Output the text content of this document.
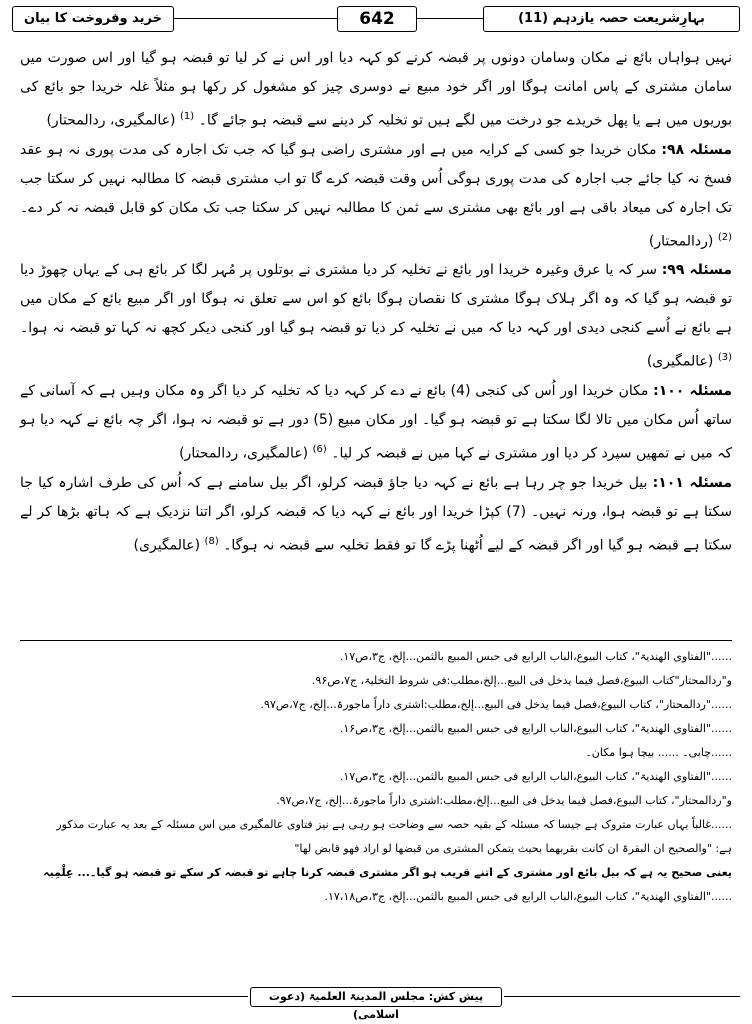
خرید وفروخت کا بیان	642	بہارِشریعت حصہ یازدہم (11)

نہیں ہواہاں بائع نے مکان وسامان دونوں پر قبضہ کرنے کو کہہ دیا اور اس نے کر لیا تو قبضہ ہو گیا اور اس صورت میں سامان مشتری کے پاس امانت ہوگا اور اگر خود مبیع نے دوسری چیز کو مشغول کر رکھا ہو مثلاً غلہ خریدا جو بائع کی بوریوں میں ہے یا پھل خریدے جو درخت میں لگے ہیں تو تخلیہ کر دینے سے قبضہ ہو جائے گا۔ $^{(1)}$ (عالمگیری، ردالمحتار)

مسئلہ ۹۸: مکان خریدا جو کسی کے کرایہ میں ہے اور مشتری راضی ہو گیا کہ جب تک اجارہ کی مدت پوری نہ ہو عقد فسخ نہ کیا جائے جب اجارہ کی مدت پوری ہوگی اُس وقت قبضہ کرے گا تو اب مشتری قبضہ کا مطالبہ نہیں کر سکتا جب تک اجارہ کی میعاد باقی ہے اور بائع بھی مشتری سے ثمن کا مطالبہ نہیں کر سکتا جب تک مکان کو قابل قبضہ نہ کر دے۔ $^{(2)}$ (ردالمحتار)

مسئلہ ۹۹: سر کہ یا عرق وغیرہ خریدا اور بائع نے تخلیہ کر دیا مشتری نے بوتلوں پر مُہر لگا کر بائع ہی کے یہاں چھوڑ دیا تو قبضہ ہو گیا کہ وہ اگر ہلاک ہوگا مشتری کا نقصان ہوگا بائع کو اس سے تعلق نہ ہوگا اور اگر مبیع بائع کے مکان میں ہے بائع نے اُسے کنجی دیدی اور کہہ دیا کہ میں نے تخلیہ کر دیا تو قبضہ ہو گیا اور کنجی دیکر کچھ نہ کہا تو قبضہ نہ ہوا۔ $^{(3)}$ (عالمگیری)

مسئلہ ۱۰۰: مکان خریدا اور اُس کی کنجی (4) بائع نے دے کر کہہ دیا کہ تخلیہ کر دیا اگر وہ مکان وہیں ہے کہ آسانی کے ساتھ اُس مکان میں تالا لگا سکتا ہے تو قبضہ ہو گیا۔ اور مکان مبیع (5) دور ہے تو قبضہ نہ ہوا، اگر چہ بائع نے کہہ دیا ہو کہ میں نے تمھیں سپرد کر دیا اور مشتری نے کہا میں نے قبضہ کر لیا۔ $^{(6)}$ (عالمگیری، ردالمحتار)

مسئلہ ۱۰۱: بیل خریدا جو چر رہا ہے بائع نے کہہ دیا جاؤ قبضہ کرلو، اگر بیل سامنے ہے کہ اُس کی طرف اشارہ کیا جا سکتا ہے تو قبضہ ہوا، ورنہ نہیں۔ (7) کپڑا خریدا اور بائع نے کہہ دیا کہ قبضہ کرلو، اگر اتنا نزدیک ہے کہ ہاتھ بڑھا کر لے سکتا ہے قبضہ ہو گیا اور اگر قبضہ کے لیے اُٹھنا پڑے گا تو فقط تخلیہ سے قبضہ نہ ہوگا۔ $^{(8)}$ (عالمگیری)

......"الفتاوی الھندیۃ"، کتاب البیوع،الباب الرابع فی حبس المبیع بالثمن...إلخ، ج۳،ص۱۷.
و"ردالمحتار"کتاب البیوع،فصل فیما یدخل فی البیع...إلخ،مطلب:فی شروط التخلیۃ، ج۷،ص۹۶.
......"ردالمحتار"، کتاب البیوع،فصل فیما یدخل فی البیع...إلخ،مطلب:اشتری داراً ماجورۃ...إلخ، ج۷،ص۹۷.
......"الفتاوی الھندیۃ"، کتاب البیوع،الباب الرابع فی حبس المبیع بالثمن...إلخ، ج۳،ص۱۶.
......چابی۔ ...... بیچا ہوا مکان۔
......"الفتاوی الھندیۃ"، کتاب البیوع،الباب الرابع فی حبس المبیع بالثمن...إلخ، ج۳،ص۱۷.
و"ردالمحتار"، کتاب البیوع،فصل فیما یدخل فی البیع...إلخ،مطلب:اشتری داراً ماجورۃ...إلخ، ج۷،ص۹۷.
......غالباً یہاں عبارت متروک ہے جیسا کہ مسئلہ کے بقیہ حصہ سے وضاحت ہو رہی ہے نیز فتاوی عالمگیری میں اس مسئلہ کے بعد یہ عبارت مذکور
ہے: "والصحیح ان البقرۃ ان کانت بقربھما بحیث یتمکن المشتری من قبضھا لو اراد فھو قابض لھا"
یعنی صحیح یہ ہے کہ بیل بائع اور مشتری کے اتنے قریب ہو اگر مشتری قبضہ کرنا چاہے تو قبضہ کر سکے تو قبضہ ہو گیا۔... عِلْمِیہ
......"الفتاوی الھندیۃ"، کتاب البیوع،الباب الرابع فی حبس المبیع بالثمن...إلخ، ج۳،ص۱۷،۱۸.
پیش کش: مجلس المدینۃ العلمیۃ (دعوت اسلامی)
